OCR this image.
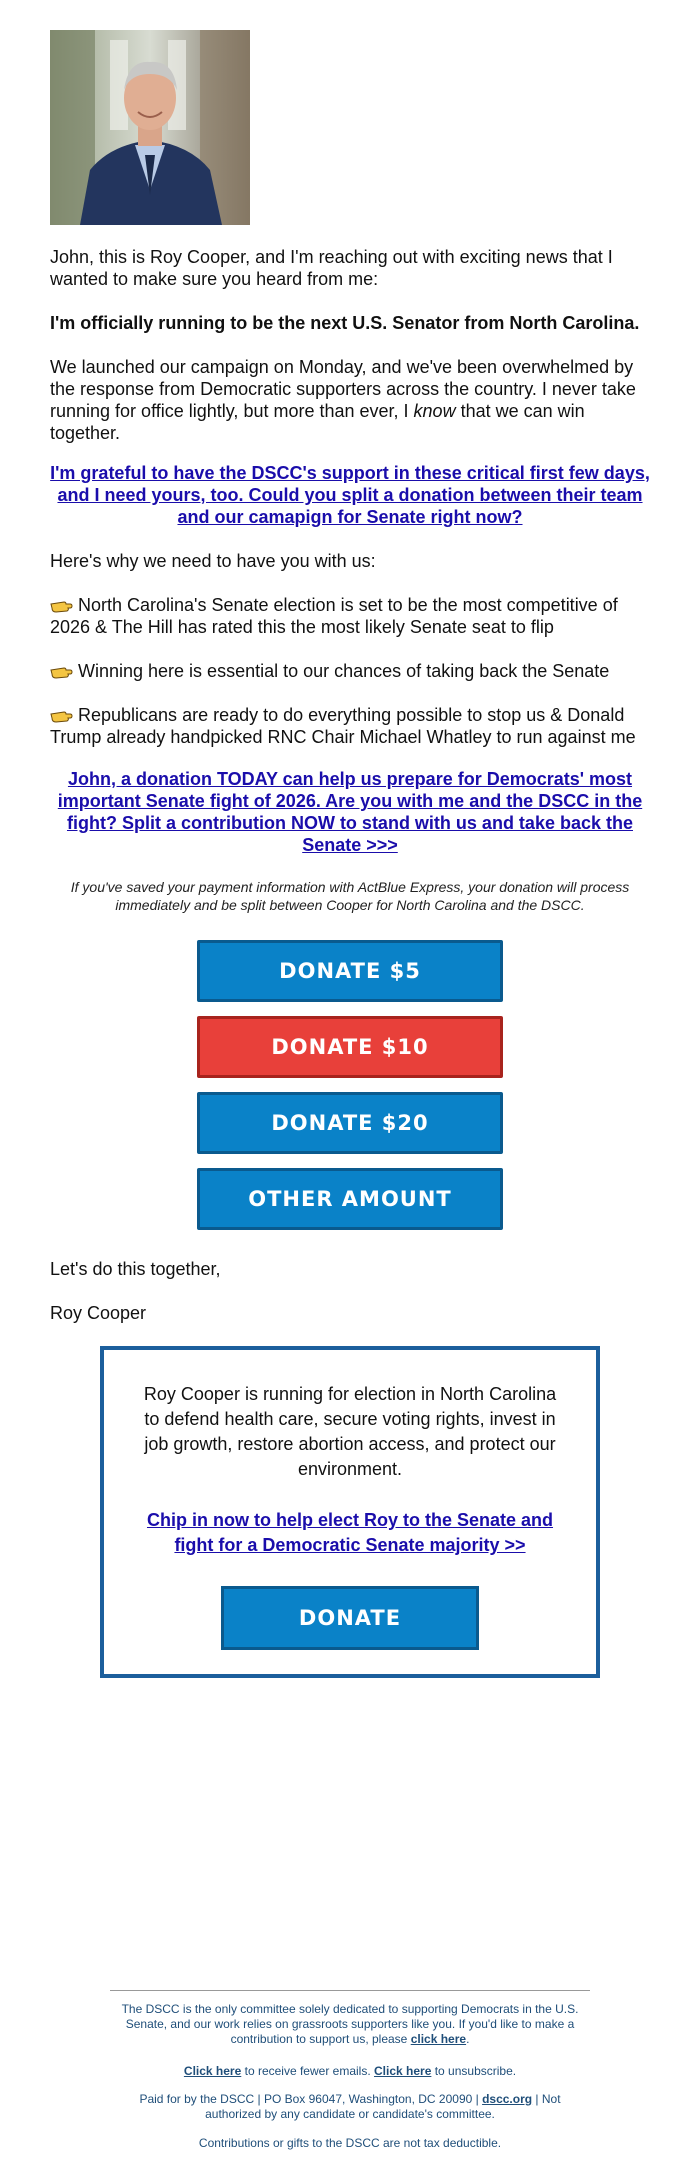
John, this is Roy Cooper, and I'm reaching out with exciting news that I wanted to make sure you heard from me:

I'm officially running to be the next U.S. Senator from North Carolina.

We launched our campaign on Monday, and we've been overwhelmed by the response from Democratic supporters across the country. I never take running for office lightly, but more than ever, I know that we can win together.

I'm grateful to have the DSCC's support in these critical first few days, and I need yours, too. Could you split a donation between their team and our camapign for Senate right now?

Here's why we need to have you with us:

North Carolina's Senate election is set to be the most competitive of 2026 & The Hill has rated this the most likely Senate seat to flip

Winning here is essential to our chances of taking back the Senate

Republicans are ready to do everything possible to stop us & Donald Trump already handpicked RNC Chair Michael Whatley to run against me

John, a donation TODAY can help us prepare for Democrats' most important Senate fight of 2026. Are you with me and the DSCC in the fight? Split a contribution NOW to stand with us and take back the Senate >>>
If you've saved your payment information with ActBlue Express, your donation will process immediately and be split between Cooper for North Carolina and the DSCC.
DONATE $5
DONATE $10
DONATE $20
OTHER AMOUNT

Let's do this together,

Roy Cooper

Roy Cooper is running for election in North Carolina to defend health care, secure voting rights, invest in job growth, restore abortion access, and protect our environment.
Chip in now to help elect Roy to the Senate and fight for a Democratic Senate majority >>
DONATE
The DSCC is the only committee solely dedicated to supporting Democrats in the U.S. Senate, and our work relies on grassroots supporters like you. If you'd like to make a contribution to support us, please click here.
Click here to receive fewer emails. Click here to unsubscribe.
Paid for by the DSCC | PO Box 96047, Washington, DC 20090 | dscc.org | Not authorized by any candidate or candidate's committee.
Contributions or gifts to the DSCC are not tax deductible.
